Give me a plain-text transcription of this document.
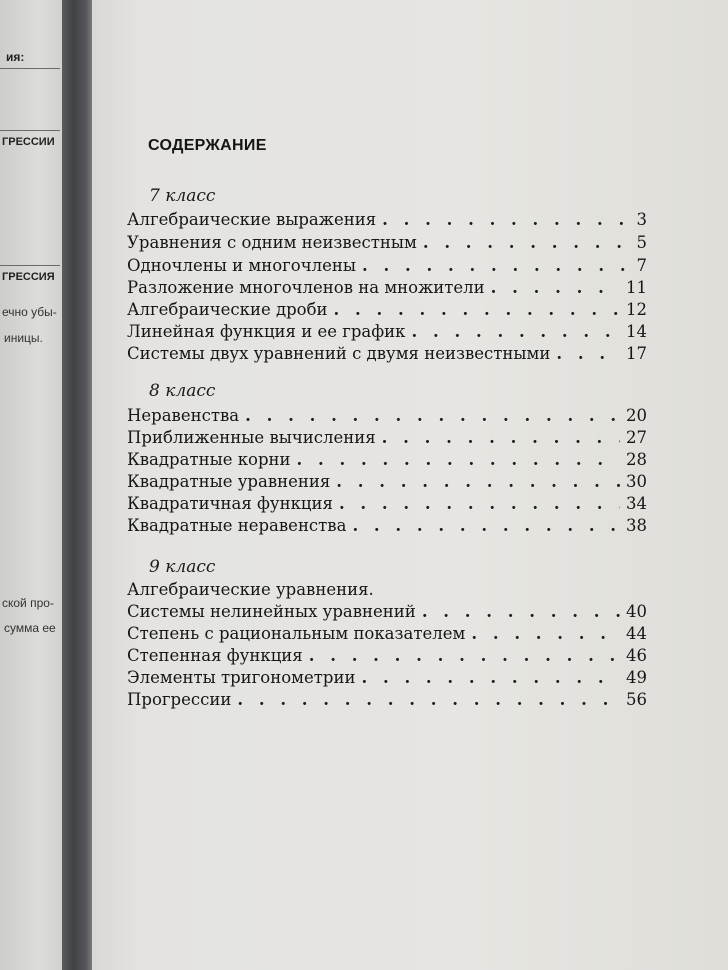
ия:
ГРЕССИИ
ГРЕССИЯ
ечно убы-
иницы.
ской про-
сумма ее
СОДЕРЖАНИЕ
7 класс
Алгебраические выражения . . .	3
Уравнения с одним неизвестным . . .	5
Одночлены и многочлены . . .	7
Разложение многочленов на множители . . .	11
Алгебраические дроби . . .	12
Линейная функция и ее график . . .	14
Системы двух уравнений с двумя неизвестными . . .	17
8 класс
Неравенства . . .	20
Приближенные вычисления . . .	27
Квадратные корни . . .	28
Квадратные уравнения . . .	30
Квадратичная функция . . .	34
Квадратные неравенства . . .	38
9 класс
Алгебраические уравнения.
Системы нелинейных уравнений . . .	40
Степень с рациональным показателем . . .	44
Степенная функция . . .	46
Элементы тригонометрии . . .	49
Прогрессии . . .	56
